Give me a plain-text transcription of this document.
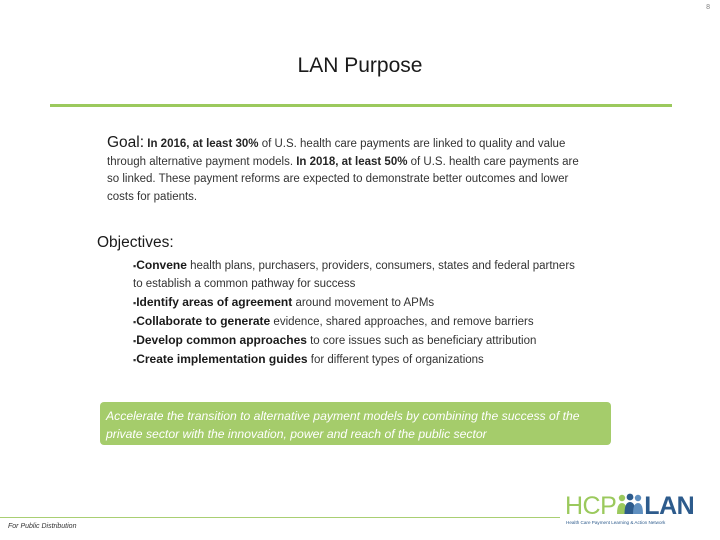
8
LAN Purpose
Goal: In 2016, at least 30% of U.S. health care payments are linked to quality and value through alternative payment models. In 2018, at least 50% of U.S. health care payments are so linked. These payment reforms are expected to demonstrate better outcomes and lower costs for patients.
Objectives:
▪Convene health plans, purchasers, providers, consumers, states and federal partners to establish a common pathway for success
▪Identify areas of agreement around movement to APMs
▪Collaborate to generate evidence, shared approaches, and remove barriers
▪Develop common approaches to core issues such as beneficiary attribution
▪Create implementation guides for different types of organizations
Accelerate the transition to alternative payment models by combining the success of the private sector with the innovation, power and reach of the public sector
For Public Distribution
HCP LAN
Health Care Payment Learning & Action Network
